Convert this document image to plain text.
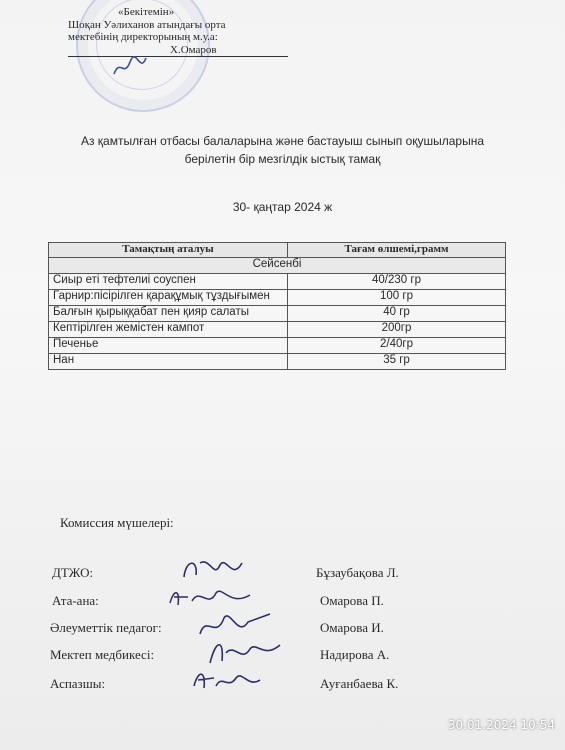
«Бекітемін»
Шоқан Уәлиханов атындағы орта
мектебінің директорының м.у.а:
Х.Омаров
Аз қамтылған отбасы балаларына және бастауыш сынып оқушыларына
берілетін бір мезгілдік ыстық тамақ
30- қаңтар 2024 ж
Тамақтың аталуы	Тағам өлшемі,грамм
Сейсенбі	
Сиыр еті тефтелиі соуспен	40/230 гр
Гарнир:пісірілген қарақұмық тұздығымен	100 гр
Балғын қырыққабат пен қияр салаты	40 гр
Кептірілген жемістен кампот	200гр
Печенье	2/40гр
Нан	35 гр
Комиссия мүшелері:
ДТЖО:	Бұзаубақова Л.
Ата-ана:	Омарова П.
Әлеуметтік педагог:	Омарова И.
Мектеп медбикесі:	Надирова А.
Аспазшы:	Ауғанбаева К.
30.01.2024 10:54
